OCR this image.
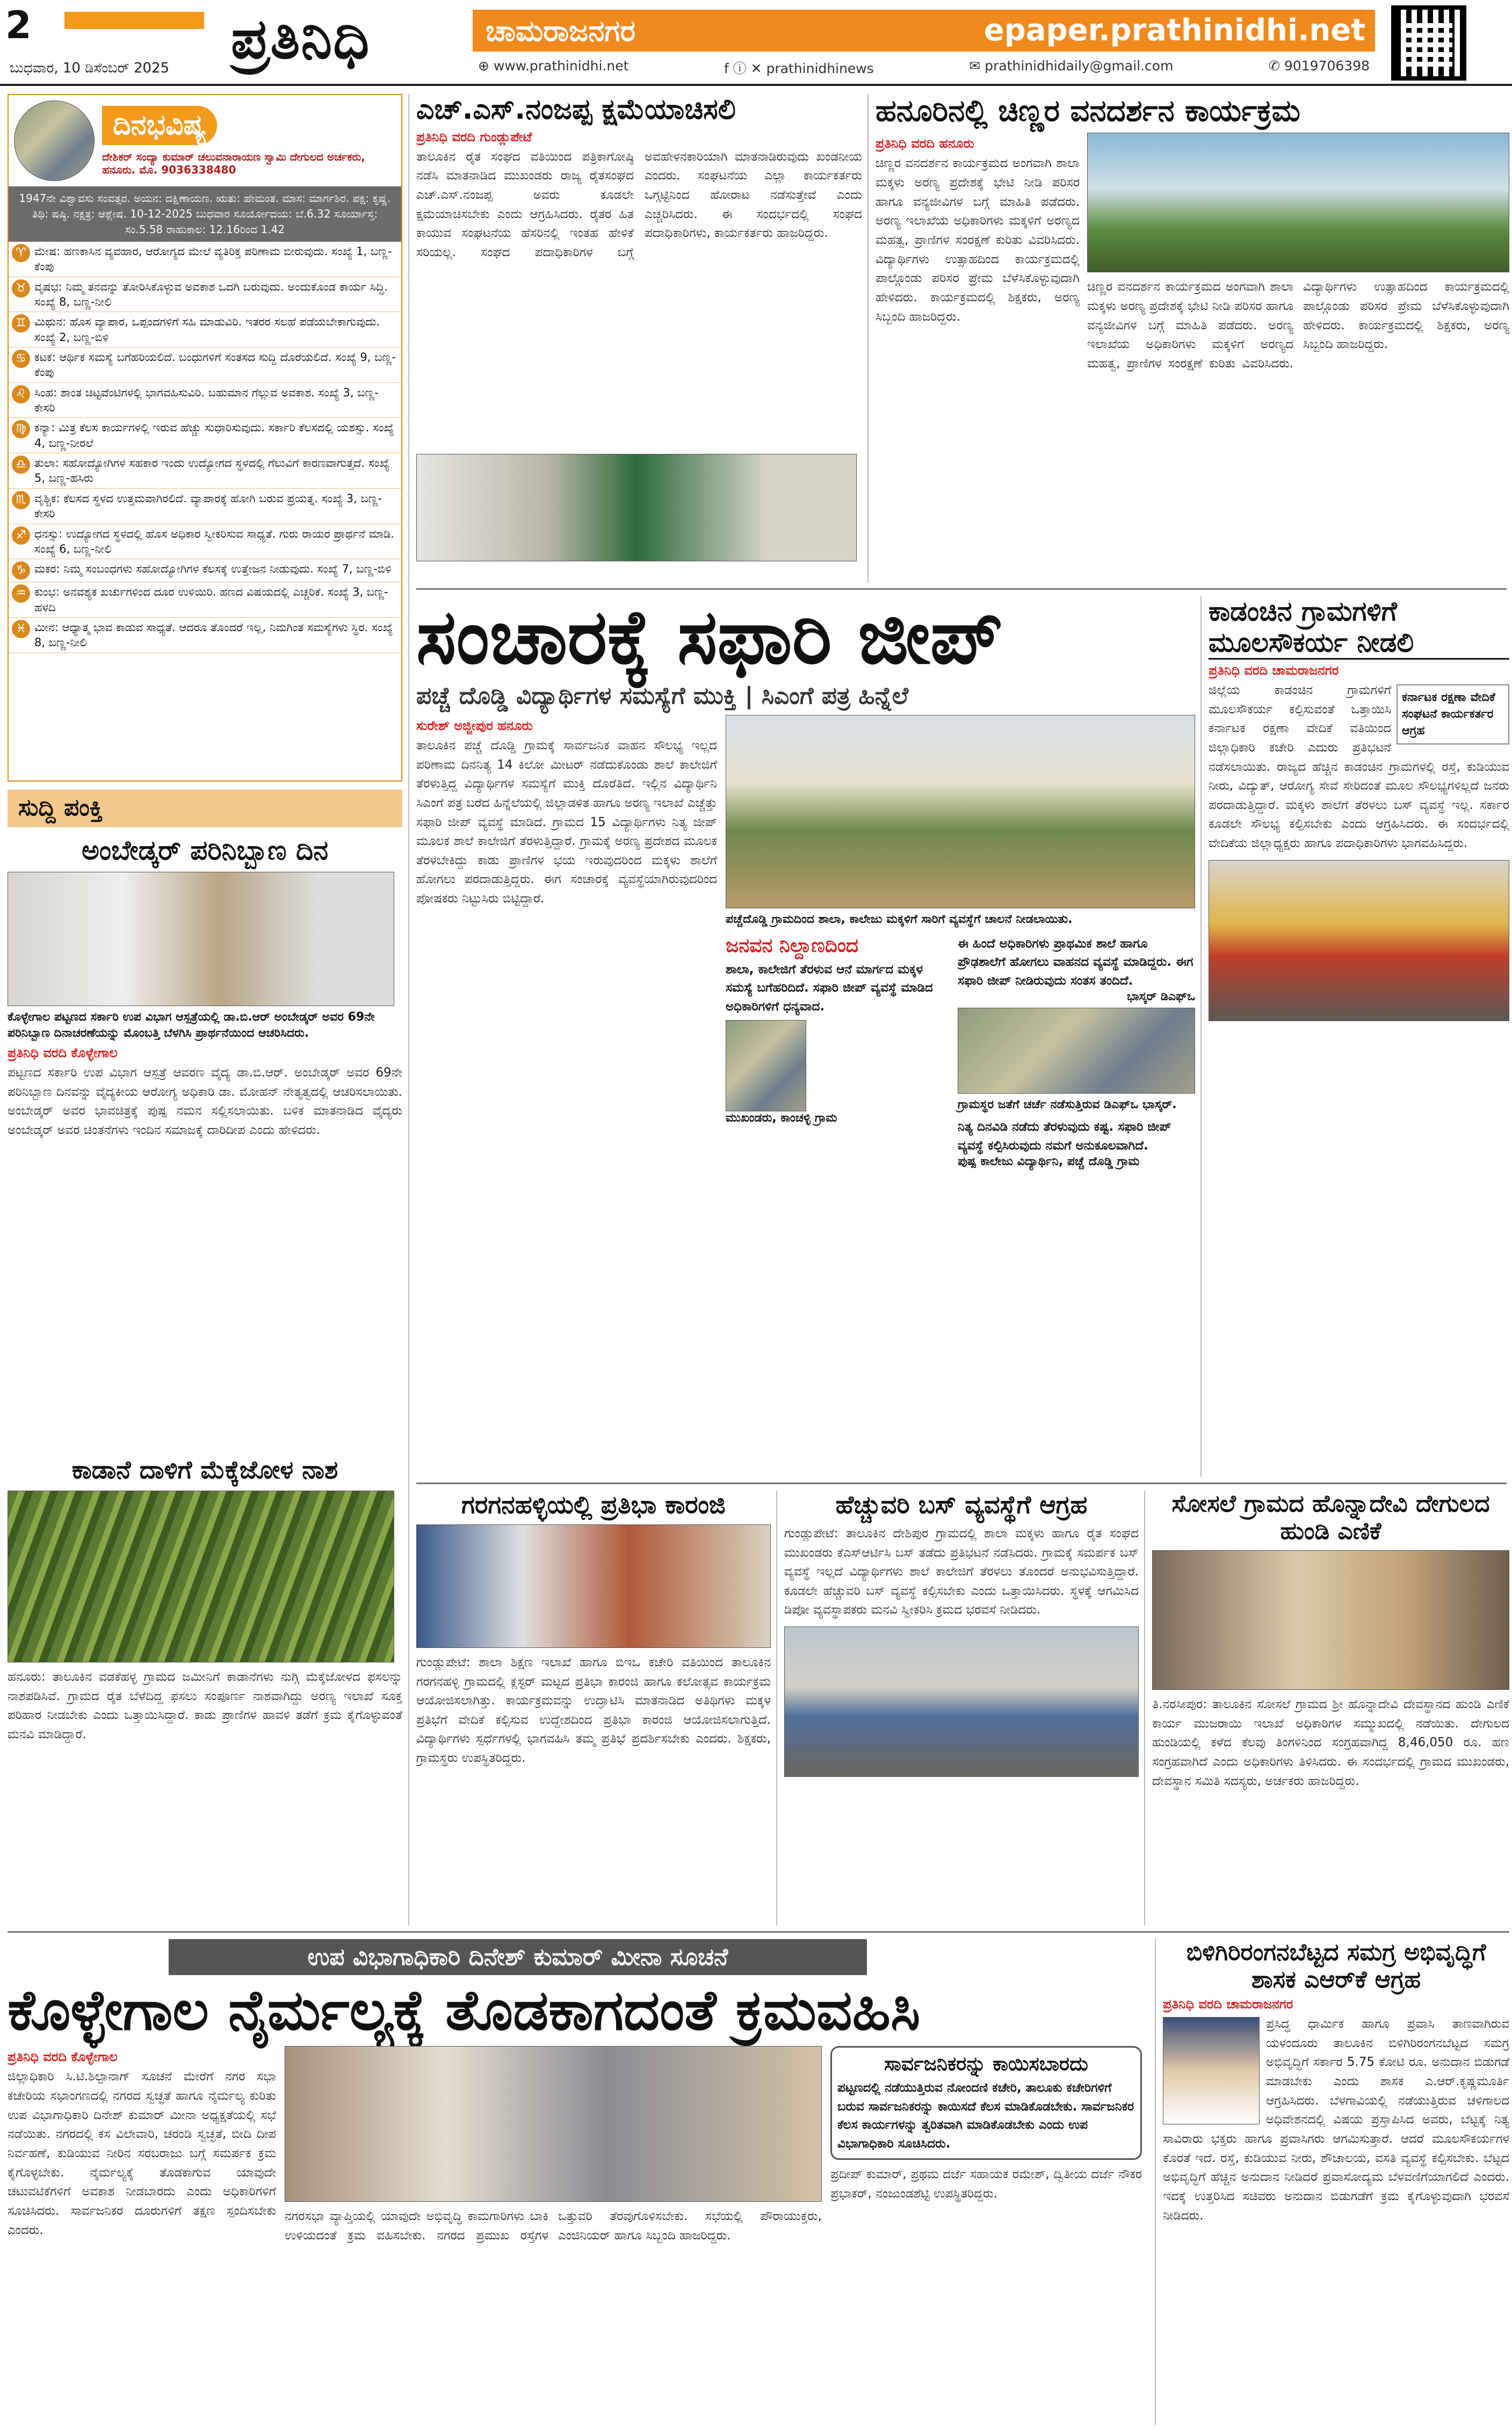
2
ಬುಧವಾರ, 10 ಡಿಸೆಂಬರ್ 2025 ಪ್ರತಿನಿಧಿ	ಚಾಮರಾಜನಗರ	epaper.prathinidhi.net
⊕ www.prathinidhi.net	f ⓘ ✕ prathinidhinews	✉ prathinidhidaily@gmail.com	✆ 9019706398
ದಿನಭವಿಷ್ಯ
ದೇಶಿಕರ್ ಸಂದ್ಯಾ ಕುಮಾರ್ ಚಲುವನಾರಾಯಣ ಸ್ವಾಮಿ ದೇಗುಲದ ಅರ್ಚಕರು, ಹನೂರು. ಮೊ. 9036338480
1947ನೇ ವಿಶ್ವಾವಸು ಸಂವತ್ಸರ. ಅಯನ: ದಕ್ಷಿಣಾಯಣ. ಋತು: ಹೇಮಂತ. ಮಾಸ: ಮಾರ್ಗಶಿರ. ಪಕ್ಷ: ಕೃಷ್ಣ. ತಿಥಿ: ಷಷ್ಠಿ. ನಕ್ಷತ್ರ: ಆಶ್ಲೇಷ. 10-12-2025 ಬುಧವಾರ ಸೂರ್ಯೋದಯ: ಬೆ.6.32 ಸೂರ್ಯಾಸ್ತ: ಸಂ.5.58 ರಾಹುಕಾಲ: 12.16ರಿಂದ 1.42
♈ ಮೇಷ: ಹಣಕಾಸಿನ ವ್ಯವಹಾರ, ಆರೋಗ್ಯದ ಮೇಲೆ ವ್ಯತಿರಿಕ್ತ ಪರಿಣಾಮ ಬೀರುವುದು. ಸಂಖ್ಯೆ 1, ಬಣ್ಣ-ಕೆಂಪು
♉ ವೃಷಭ: ನಿಮ್ಮ ತನವನ್ನು ತೋರಿಸಿಕೊಳ್ಳುವ ಅವಕಾಶ ಒದಗಿ ಬರುವುದು. ಅಂದುಕೊಂಡ ಕಾರ್ಯ ಸಿದ್ಧಿ. ಸಂಖ್ಯೆ 8, ಬಣ್ಣ-ನೀಲಿ
♊ ಮಿಥುನ: ಹೊಸ ವ್ಯಾಪಾರ, ಒಪ್ಪಂದಗಳಿಗೆ ಸಹಿ ಮಾಡುವಿರಿ. ಇತರರ ಸಲಹೆ ಪಡೆಯಬೇಕಾಗುವುದು. ಸಂಖ್ಯೆ 2, ಬಣ್ಣ-ಬಿಳಿ
♋ ಕಟಕ: ಆರ್ಥಿಕ ಸಮಸ್ಯೆ ಬಗೆಹರಿಯಲಿದೆ. ಬಂಧುಗಳಿಗೆ ಸಂತಸದ ಸುದ್ದಿ ದೊರೆಯಲಿದೆ. ಸಂಖ್ಯೆ 9, ಬಣ್ಣ-ಕೆಂಪು
♌ ಸಿಂಹ: ಶಾಂತ ಚಿಟ್ಟವೆಂಟಿಗಳಲ್ಲಿ ಭಾಗವಹಿಸುವಿರಿ. ಬಹುಮಾನ ಗೆಲ್ಲುವ ಅವಕಾಶ. ಸಂಖ್ಯೆ 3, ಬಣ್ಣ-ಕೇಸರಿ
♍ ಕನ್ಯಾ: ಮಿತ್ರ ಕೆಲಸ ಕಾರ್ಯಗಳಲ್ಲಿ ಇರುವ ಹೆಚ್ಚು ಸುಧಾರಿಸುವುದು. ಸರ್ಕಾರಿ ಕೆಲಸದಲ್ಲಿ ಯಶಸ್ಸು. ಸಂಖ್ಯೆ 4, ಬಣ್ಣ-ನೀರಲೆ
♎ ತುಲಾ: ಸಹೋದ್ಯೋಗಿಗಳ ಸಹಕಾರ ಇಂದು ಉದ್ಯೋಗದ ಸ್ಥಳದಲ್ಲಿ ಗೆಲುವಿಗೆ ಕಾರಣವಾಗುತ್ತದೆ. ಸಂಖ್ಯೆ 5, ಬಣ್ಣ-ಹಸಿರು
♏ ವೃಶ್ಚಿಕ: ಕೆಲಸದ ಸ್ಥಳದ ಉತ್ತಮವಾಗಿರಲಿದೆ. ವ್ಯಾಪಾರಕ್ಕೆ ಹೋಗಿ ಬರುವ ಪ್ರಯತ್ನ. ಸಂಖ್ಯೆ 3, ಬಣ್ಣ-ಕೇಸರಿ
♐ ಧನಸ್ಸು: ಉದ್ಯೋಗದ ಸ್ಥಳದಲ್ಲಿ ಹೊಸ ಅಧಿಕಾರ ಸ್ವೀಕರಿಸುವ ಸಾಧ್ಯತೆ. ಗುರು ರಾಯರ ಪ್ರಾರ್ಥನೆ ಮಾಡಿ. ಸಂಖ್ಯೆ 6, ಬಣ್ಣ-ನೀಲಿ
♑ ಮಕರ: ನಿಮ್ಮ ಸಂಬಂಧಗಳು ಸಹೋದ್ಯೋಗಿಗಳ ಕೆಲಸಕ್ಕೆ ಉತ್ತೇಜನ ನೀಡುವುದು. ಸಂಖ್ಯೆ 7, ಬಣ್ಣ-ಬಿಳಿ
♒ ಕುಂಭ: ಅನವಶ್ಯಕ ಖರ್ಚುಗಳಿಂದ ದೂರ ಉಳಿಯಿರಿ. ಹಣದ ವಿಷಯದಲ್ಲಿ ಎಚ್ಚರಿಕೆ. ಸಂಖ್ಯೆ 3, ಬಣ್ಣ-ಹಳದಿ
♓ ಮೀನ: ಆಧ್ಯಾತ್ಮ ಭಾವ ಕಾಡುವ ಸಾಧ್ಯತೆ. ಆದರೂ ತೊಂದರೆ ಇಲ್ಲ, ನಿಮಗಿಂತ ಸಮಸ್ಯೆಗಳು ಸ್ಥಿರ. ಸಂಖ್ಯೆ 8, ಬಣ್ಣ-ನೀಲಿ
ಸುದ್ದಿ ಪಂಕ್ತಿ
ಅಂಬೇಡ್ಕರ್ ಪರಿನಿಬ್ಬಾಣ ದಿನ
ಕೊಳ್ಳೇಗಾಲ ಪಟ್ಟಣದ ಸರ್ಕಾರಿ ಉಪ ವಿಭಾಗ ಆಸ್ಪತ್ರೆಯಲ್ಲಿ ಡಾ.ಬಿ.ಆರ್ ಅಂಬೇಡ್ಕರ್ ಅವರ 69ನೇ ಪರಿನಿಬ್ಬಾಣ ದಿನಾಚರಣೆಯನ್ನು ಮೊಂಬತ್ತಿ ಬೆಳಗಿಸಿ ಪ್ರಾರ್ಥನೆಯಿಂದ ಆಚರಿಸಿದರು.
ಪ್ರತಿನಿಧಿ ವರದಿ ಕೊಳ್ಳೇಗಾಲ
ಪಟ್ಟಣದ ಸರ್ಕಾರಿ ಉಪ ವಿಭಾಗ ಆಸ್ಪತ್ರೆ ಆವರಣ ವೈದ್ಯ ಡಾ.ಬಿ.ಆರ್. ಅಂಬೇಡ್ಕರ್ ಅವರ 69ನೇ ಪರಿನಿಬ್ಬಾಣ ದಿನವನ್ನು ವೈದ್ಯಕೀಯ ಆರೋಗ್ಯ ಅಧಿಕಾರಿ ಡಾ. ಮೋಹನ್ ನೇತೃತ್ವದಲ್ಲಿ ಆಚರಿಸಲಾಯಿತು. ಅಂಬೇಡ್ಕರ್ ಅವರ ಭಾವಚಿತ್ರಕ್ಕೆ ಪುಷ್ಪ ನಮನ ಸಲ್ಲಿಸಲಾಯಿತು. ಬಳಿಕ ಮಾತನಾಡಿದ ವೈದ್ಯರು ಅಂಬೇಡ್ಕರ್ ಅವರ ಚಿಂತನೆಗಳು ಇಂದಿನ ಸಮಾಜಕ್ಕೆ ದಾರಿದೀಪ ಎಂದು ಹೇಳಿದರು.
ಕಾಡಾನೆ ದಾಳಿಗೆ ಮೆಕ್ಕೆಜೋಳ ನಾಶ
ಹನೂರು: ತಾಲೂಕಿನ ವಡಕೆಹಳ್ಳ ಗ್ರಾಮದ ಜಮೀನಿಗೆ ಕಾಡಾನೆಗಳು ನುಗ್ಗಿ ಮೆಕ್ಕೆಜೋಳದ ಫಸಲನ್ನು ನಾಶಪಡಿಸಿವೆ. ಗ್ರಾಮದ ರೈತ ಬೆಳೆದಿದ್ದ ಫಸಲು ಸಂಪೂರ್ಣ ನಾಶವಾಗಿದ್ದು ಅರಣ್ಯ ಇಲಾಖೆ ಸೂಕ್ತ ಪರಿಹಾರ ನೀಡಬೇಕು ಎಂದು ಒತ್ತಾಯಿಸಿದ್ದಾರೆ. ಕಾಡು ಪ್ರಾಣಿಗಳ ಹಾವಳಿ ತಡೆಗೆ ಕ್ರಮ ಕೈಗೊಳ್ಳುವಂತೆ ಮನವಿ ಮಾಡಿದ್ದಾರೆ.
ಎಚ್.ಎಸ್.ನಂಜಪ್ಪ ಕ್ಷಮೆಯಾಚಿಸಲಿ
ಪ್ರತಿನಿಧಿ ವರದಿ ಗುಂಡ್ಲುಪೇಟೆ
ತಾಲೂಕಿನ ರೈತ ಸಂಘದ ವತಿಯಿಂದ ಪತ್ರಿಕಾಗೋಷ್ಠಿ ನಡೆಸಿ ಮಾತನಾಡಿದ ಮುಖಂಡರು ರಾಜ್ಯ ರೈತಸಂಘದ ಎಚ್.ಎಸ್.ನಂಜಪ್ಪ ಅವರು ಕೂಡಲೇ ಕ್ಷಮೆಯಾಚಿಸಬೇಕು ಎಂದು ಆಗ್ರಹಿಸಿದರು. ರೈತರ ಹಿತ ಕಾಯುವ ಸಂಘಟನೆಯ ಹೆಸರಿನಲ್ಲಿ ಇಂತಹ ಹೇಳಿಕೆ ಸರಿಯಲ್ಲ. ಸಂಘದ ಪದಾಧಿಕಾರಿಗಳ ಬಗ್ಗೆ ಅವಹೇಳನಕಾರಿಯಾಗಿ ಮಾತನಾಡಿರುವುದು ಖಂಡನೀಯ ಎಂದರು. ಸಂಘಟನೆಯ ಎಲ್ಲಾ ಕಾರ್ಯಕರ್ತರು ಒಗ್ಗಟ್ಟಿನಿಂದ ಹೋರಾಟ ನಡೆಸುತ್ತೇವೆ ಎಂದು ಎಚ್ಚರಿಸಿದರು. ಈ ಸಂದರ್ಭದಲ್ಲಿ ಸಂಘದ ಪದಾಧಿಕಾರಿಗಳು, ಕಾರ್ಯಕರ್ತರು ಹಾಜರಿದ್ದರು.
ಹನೂರಿನಲ್ಲಿ ಚಿಣ್ಣರ ವನದರ್ಶನ ಕಾರ್ಯಕ್ರಮ
ಪ್ರತಿನಿಧಿ ವರದಿ ಹನೂರು
ಚಿಣ್ಣರ ವನದರ್ಶನ ಕಾರ್ಯಕ್ರಮದ ಅಂಗವಾಗಿ ಶಾಲಾ ಮಕ್ಕಳು ಅರಣ್ಯ ಪ್ರದೇಶಕ್ಕೆ ಭೇಟಿ ನೀಡಿ ಪರಿಸರ ಹಾಗೂ ವನ್ಯಜೀವಿಗಳ ಬಗ್ಗೆ ಮಾಹಿತಿ ಪಡೆದರು. ಅರಣ್ಯ ಇಲಾಖೆಯ ಅಧಿಕಾರಿಗಳು ಮಕ್ಕಳಿಗೆ ಅರಣ್ಯದ ಮಹತ್ವ, ಪ್ರಾಣಿಗಳ ಸಂರಕ್ಷಣೆ ಕುರಿತು ವಿವರಿಸಿದರು. ವಿದ್ಯಾರ್ಥಿಗಳು ಉತ್ಸಾಹದಿಂದ ಕಾರ್ಯಕ್ರಮದಲ್ಲಿ ಪಾಲ್ಗೊಂಡು ಪರಿಸರ ಪ್ರೇಮ ಬೆಳೆಸಿಕೊಳ್ಳುವುದಾಗಿ ಹೇಳಿದರು. ಕಾರ್ಯಕ್ರಮದಲ್ಲಿ ಶಿಕ್ಷಕರು, ಅರಣ್ಯ ಸಿಬ್ಬಂದಿ ಹಾಜರಿದ್ದರು.
ಚಿಣ್ಣರ ವನದರ್ಶನ ಕಾರ್ಯಕ್ರಮದ ಅಂಗವಾಗಿ ಶಾಲಾ ಮಕ್ಕಳು ಅರಣ್ಯ ಪ್ರದೇಶಕ್ಕೆ ಭೇಟಿ ನೀಡಿ ಪರಿಸರ ಹಾಗೂ ವನ್ಯಜೀವಿಗಳ ಬಗ್ಗೆ ಮಾಹಿತಿ ಪಡೆದರು. ಅರಣ್ಯ ಇಲಾಖೆಯ ಅಧಿಕಾರಿಗಳು ಮಕ್ಕಳಿಗೆ ಅರಣ್ಯದ ಮಹತ್ವ, ಪ್ರಾಣಿಗಳ ಸಂರಕ್ಷಣೆ ಕುರಿತು ವಿವರಿಸಿದರು. ವಿದ್ಯಾರ್ಥಿಗಳು ಉತ್ಸಾಹದಿಂದ ಕಾರ್ಯಕ್ರಮದಲ್ಲಿ ಪಾಲ್ಗೊಂಡು ಪರಿಸರ ಪ್ರೇಮ ಬೆಳೆಸಿಕೊಳ್ಳುವುದಾಗಿ ಹೇಳಿದರು. ಕಾರ್ಯಕ್ರಮದಲ್ಲಿ ಶಿಕ್ಷಕರು, ಅರಣ್ಯ ಸಿಬ್ಬಂದಿ ಹಾಜರಿದ್ದರು.
ಸಂಚಾರಕ್ಕೆ ಸಫಾರಿ ಜೀಪ್
ಪಚ್ಚೆ ದೊಡ್ಡಿ ವಿದ್ಯಾರ್ಥಿಗಳ ಸಮಸ್ಯೆಗೆ ಮುಕ್ತಿ | ಸಿಎಂಗೆ ಪತ್ರ ಹಿನ್ನೆಲೆ
ಸುರೇಶ್ ಅಜ್ಜೀಪುರ ಹನೂರು
ತಾಲೂಕಿನ ಪಚ್ಚೆ ದೊಡ್ಡಿ ಗ್ರಾಮಕ್ಕೆ ಸಾರ್ವಜನಿಕ ವಾಹನ ಸೌಲಭ್ಯ ಇಲ್ಲದ ಪರಿಣಾಮ ದಿನನಿತ್ಯ 14 ಕಿಲೋ ಮೀಟರ್ ನಡೆದುಕೊಂಡು ಶಾಲೆ ಕಾಲೇಜಿಗೆ ತೆರಳುತ್ತಿದ್ದ ವಿದ್ಯಾರ್ಥಿಗಳ ಸಮಸ್ಯೆಗೆ ಮುಕ್ತಿ ದೊರೆತಿದೆ. ಇಲ್ಲಿನ ವಿದ್ಯಾರ್ಥಿನಿ ಸಿಎಂಗೆ ಪತ್ರ ಬರೆದ ಹಿನ್ನೆಲೆಯಲ್ಲಿ ಜಿಲ್ಲಾಡಳಿತ ಹಾಗೂ ಅರಣ್ಯ ಇಲಾಖೆ ಎಚ್ಚೆತ್ತು ಸಫಾರಿ ಜೀಪ್ ವ್ಯವಸ್ಥೆ ಮಾಡಿದೆ. ಗ್ರಾಮದ 15 ವಿದ್ಯಾರ್ಥಿಗಳು ನಿತ್ಯ ಜೀಪ್ ಮೂಲಕ ಶಾಲೆ ಕಾಲೇಜಿಗೆ ತೆರಳುತ್ತಿದ್ದಾರೆ. ಗ್ರಾಮಕ್ಕೆ ಅರಣ್ಯ ಪ್ರದೇಶದ ಮೂಲಕ ತೆರಳಬೇಕಿದ್ದು ಕಾಡು ಪ್ರಾಣಿಗಳ ಭಯ ಇರುವುದರಿಂದ ಮಕ್ಕಳು ಶಾಲೆಗೆ ಹೋಗಲು ಪರದಾಡುತ್ತಿದ್ದರು. ಈಗ ಸಂಚಾರಕ್ಕೆ ವ್ಯವಸ್ಥೆಯಾಗಿರುವುದರಿಂದ ಪೋಷಕರು ನಿಟ್ಟುಸಿರು ಬಿಟ್ಟಿದ್ದಾರೆ.
ಪಚ್ಚೆದೊಡ್ಡಿ ಗ್ರಾಮದಿಂದ ಶಾಲಾ, ಕಾಲೇಜು ಮಕ್ಕಳಿಗೆ ಸಾರಿಗೆ ವ್ಯವಸ್ಥೆಗೆ ಚಾಲನೆ ನೀಡಲಾಯಿತು.
ಜನವನ ನಿಲ್ದಾಣದಿಂದ
ಶಾಲಾ, ಕಾಲೇಜಿಗೆ ತೆರಳುವ ಆನೆ ಮಾರ್ಗದ ಮಕ್ಕಳ ಸಮಸ್ಯೆ ಬಗೆಹರಿದಿದೆ. ಸಫಾರಿ ಜೀಪ್ ವ್ಯವಸ್ಥೆ ಮಾಡಿದ ಅಧಿಕಾರಿಗಳಿಗೆ ಧನ್ಯವಾದ.
ಮುಖಂಡರು, ಕಾಂಚಳ್ಳಿ ಗ್ರಾಮ
ಈ ಹಿಂದೆ ಅಧಿಕಾರಿಗಳು ಪ್ರಾಥಮಿಕ ಶಾಲೆ ಹಾಗೂ ಪ್ರೌಢಶಾಲೆಗೆ ಹೋಗಲು ವಾಹನದ ವ್ಯವಸ್ಥೆ ಮಾಡಿದ್ದರು. ಈಗ ಸಫಾರಿ ಜೀಪ್ ನೀಡಿರುವುದು ಸಂತಸ ತಂದಿದೆ.
ಭಾಸ್ಕರ್ ಡಿಎಫ್ಒ
ಗ್ರಾಮಸ್ಥರ ಜತೆಗೆ ಚರ್ಚೆ ನಡೆಸುತ್ತಿರುವ ಡಿಎಫ್ಒ ಭಾಸ್ಕರ್.
ನಿತ್ಯ ದಿನವಿಡಿ ನಡೆದು ತೆರಳುವುದು ಕಷ್ಟ. ಸಫಾರಿ ಜೀಪ್ ವ್ಯವಸ್ಥೆ ಕಲ್ಪಿಸಿರುವುದು ನಮಗೆ ಅನುಕೂಲವಾಗಿದೆ.
ಪುಷ್ಪ ಕಾಲೇಜು ವಿದ್ಯಾರ್ಥಿನಿ, ಪಚ್ಚೆ ದೊಡ್ಡಿ ಗ್ರಾಮ
ಕಾಡಂಚಿನ ಗ್ರಾಮಗಳಿಗೆ ಮೂಲಸೌಕರ್ಯ ನೀಡಲಿ
ಪ್ರತಿನಿಧಿ ವರದಿ ಚಾಮರಾಜನಗರ
ಕರ್ನಾಟಕ ರಕ್ಷಣಾ ವೇದಿಕೆ ಸಂಘಟನೆ ಕಾರ್ಯಕರ್ತರ ಆಗ್ರಹ
ಜಿಲ್ಲೆಯ ಕಾಡಂಚಿನ ಗ್ರಾಮಗಳಿಗೆ ಮೂಲಸೌಕರ್ಯ ಕಲ್ಪಿಸುವಂತೆ ಒತ್ತಾಯಿಸಿ ಕರ್ನಾಟಕ ರಕ್ಷಣಾ ವೇದಿಕೆ ವತಿಯಿಂದ ಜಿಲ್ಲಾಧಿಕಾರಿ ಕಚೇರಿ ಎದುರು ಪ್ರತಿಭಟನೆ ನಡೆಸಲಾಯಿತು. ರಾಜ್ಯದ ಹೆಚ್ಚಿನ ಕಾಡಂಚಿನ ಗ್ರಾಮಗಳಲ್ಲಿ ರಸ್ತೆ, ಕುಡಿಯುವ ನೀರು, ವಿದ್ಯುತ್, ಆರೋಗ್ಯ ಸೇವೆ ಸೇರಿದಂತೆ ಮೂಲ ಸೌಲಭ್ಯಗಳಿಲ್ಲದೆ ಜನರು ಪರದಾಡುತ್ತಿದ್ದಾರೆ. ಮಕ್ಕಳು ಶಾಲೆಗೆ ತೆರಳಲು ಬಸ್ ವ್ಯವಸ್ಥೆ ಇಲ್ಲ. ಸರ್ಕಾರ ಕೂಡಲೇ ಸೌಲಭ್ಯ ಕಲ್ಪಿಸಬೇಕು ಎಂದು ಆಗ್ರಹಿಸಿದರು. ಈ ಸಂದರ್ಭದಲ್ಲಿ ವೇದಿಕೆಯ ಜಿಲ್ಲಾಧ್ಯಕ್ಷರು ಹಾಗೂ ಪದಾಧಿಕಾರಿಗಳು ಭಾಗವಹಿಸಿದ್ದರು.
ಗರಗನಹಳ್ಳಿಯಲ್ಲಿ ಪ್ರತಿಭಾ ಕಾರಂಜಿ
ಗುಂಡ್ಲುಪೇಟೆ: ಶಾಲಾ ಶಿಕ್ಷಣ ಇಲಾಖೆ ಹಾಗೂ ಬಿಇಒ ಕಚೇರಿ ವತಿಯಿಂದ ತಾಲೂಕಿನ ಗರಗನಹಳ್ಳಿ ಗ್ರಾಮದಲ್ಲಿ ಕ್ಲಸ್ಟರ್ ಮಟ್ಟದ ಪ್ರತಿಭಾ ಕಾರಂಜಿ ಹಾಗೂ ಕಲೋತ್ಸವ ಕಾರ್ಯಕ್ರಮ ಆಯೋಜಿಸಲಾಗಿತ್ತು. ಕಾರ್ಯಕ್ರಮವನ್ನು ಉದ್ಘಾಟಿಸಿ ಮಾತನಾಡಿದ ಅತಿಥಿಗಳು ಮಕ್ಕಳ ಪ್ರತಿಭೆಗೆ ವೇದಿಕೆ ಕಲ್ಪಿಸುವ ಉದ್ದೇಶದಿಂದ ಪ್ರತಿಭಾ ಕಾರಂಜಿ ಆಯೋಜಿಸಲಾಗುತ್ತಿದೆ. ವಿದ್ಯಾರ್ಥಿಗಳು ಸ್ಪರ್ಧೆಗಳಲ್ಲಿ ಭಾಗವಹಿಸಿ ತಮ್ಮ ಪ್ರತಿಭೆ ಪ್ರದರ್ಶಿಸಬೇಕು ಎಂದರು. ಶಿಕ್ಷಕರು, ಗ್ರಾಮಸ್ಥರು ಉಪಸ್ಥಿತರಿದ್ದರು.
ಹೆಚ್ಚುವರಿ ಬಸ್ ವ್ಯವಸ್ಥೆಗೆ ಆಗ್ರಹ
ಗುಂಡ್ಲುಪೇಟೆ: ತಾಲೂಕಿನ ದೇಶಿಪುರ ಗ್ರಾಮದಲ್ಲಿ ಶಾಲಾ ಮಕ್ಕಳು ಹಾಗೂ ರೈತ ಸಂಘದ ಮುಖಂಡರು ಕೆಎಸ್ಆರ್ಟಿಸಿ ಬಸ್ ತಡೆದು ಪ್ರತಿಭಟನೆ ನಡೆಸಿದರು. ಗ್ರಾಮಕ್ಕೆ ಸಮರ್ಪಕ ಬಸ್ ವ್ಯವಸ್ಥೆ ಇಲ್ಲದೆ ವಿದ್ಯಾರ್ಥಿಗಳು ಶಾಲೆ ಕಾಲೇಜಿಗೆ ತೆರಳಲು ತೊಂದರೆ ಅನುಭವಿಸುತ್ತಿದ್ದಾರೆ. ಕೂಡಲೇ ಹೆಚ್ಚುವರಿ ಬಸ್ ವ್ಯವಸ್ಥೆ ಕಲ್ಪಿಸಬೇಕು ಎಂದು ಒತ್ತಾಯಿಸಿದರು. ಸ್ಥಳಕ್ಕೆ ಆಗಮಿಸಿದ ಡಿಪೋ ವ್ಯವಸ್ಥಾಪಕರು ಮನವಿ ಸ್ವೀಕರಿಸಿ ಕ್ರಮದ ಭರವಸೆ ನೀಡಿದರು.
ಸೋಸಲೆ ಗ್ರಾಮದ ಹೊನ್ನಾದೇವಿ ದೇಗುಲದ ಹುಂಡಿ ಎಣಿಕೆ
ತಿ.ನರಸೀಪುರ: ತಾಲೂಕಿನ ಸೋಸಲೆ ಗ್ರಾಮದ ಶ್ರೀ ಹೊನ್ನಾದೇವಿ ದೇವಸ್ಥಾನದ ಹುಂಡಿ ಎಣಿಕೆ ಕಾರ್ಯ ಮುಜರಾಯಿ ಇಲಾಖೆ ಅಧಿಕಾರಿಗಳ ಸಮ್ಮುಖದಲ್ಲಿ ನಡೆಯಿತು. ದೇಗುಲದ ಹುಂಡಿಯಲ್ಲಿ ಕಳೆದ ಕೆಲವು ತಿಂಗಳಿನಿಂದ ಸಂಗ್ರಹವಾಗಿದ್ದ 8,46,050 ರೂ. ಹಣ ಸಂಗ್ರಹವಾಗಿದೆ ಎಂದು ಅಧಿಕಾರಿಗಳು ತಿಳಿಸಿದರು. ಈ ಸಂದರ್ಭದಲ್ಲಿ ಗ್ರಾಮದ ಮುಖಂಡರು, ದೇವಸ್ಥಾನ ಸಮಿತಿ ಸದಸ್ಯರು, ಅರ್ಚಕರು ಹಾಜರಿದ್ದರು.
ಉಪ ವಿಭಾಗಾಧಿಕಾರಿ ದಿನೇಶ್ ಕುಮಾರ್ ಮೀನಾ ಸೂಚನೆ
ಕೊಳ್ಳೇಗಾಲ ನೈರ್ಮಲ್ಯಕ್ಕೆ ತೊಡಕಾಗದಂತೆ ಕ್ರಮವಹಿಸಿ
ಪ್ರತಿನಿಧಿ ವರದಿ ಕೊಳ್ಳೇಗಾಲ
ಜಿಲ್ಲಾಧಿಕಾರಿ ಸಿ.ಟಿ.ಶಿಲ್ಪಾನಾಗ್ ಸೂಚನೆ ಮೇರೆಗೆ ನಗರ ಸಭಾ ಕಚೇರಿಯ ಸಭಾಂಗಣದಲ್ಲಿ ನಗರದ ಸ್ವಚ್ಛತೆ ಹಾಗೂ ನೈರ್ಮಲ್ಯ ಕುರಿತು ಉಪ ವಿಭಾಗಾಧಿಕಾರಿ ದಿನೇಶ್ ಕುಮಾರ್ ಮೀನಾ ಅಧ್ಯಕ್ಷತೆಯಲ್ಲಿ ಸಭೆ ನಡೆಯಿತು. ನಗರದಲ್ಲಿ ಕಸ ವಿಲೇವಾರಿ, ಚರಂಡಿ ಸ್ವಚ್ಛತೆ, ಬೀದಿ ದೀಪ ನಿರ್ವಹಣೆ, ಕುಡಿಯುವ ನೀರಿನ ಸರಬರಾಜು ಬಗ್ಗೆ ಸಮರ್ಪಕ ಕ್ರಮ ಕೈಗೊಳ್ಳಬೇಕು. ನೈರ್ಮಲ್ಯಕ್ಕೆ ತೊಡಕಾಗುವ ಯಾವುದೇ ಚಟುವಟಿಕೆಗಳಿಗೆ ಅವಕಾಶ ನೀಡಬಾರದು ಎಂದು ಅಧಿಕಾರಿಗಳಿಗೆ ಸೂಚಿಸಿದರು. ಸಾರ್ವಜನಿಕರ ದೂರುಗಳಿಗೆ ತಕ್ಷಣ ಸ್ಪಂದಿಸಬೇಕು ಎಂದರು.
ನಗರಸಭಾ ವ್ಯಾಪ್ತಿಯಲ್ಲಿ ಯಾವುದೇ ಅಭಿವೃದ್ಧಿ ಕಾಮಗಾರಿಗಳು ಬಾಕಿ ಉಳಿಯದಂತೆ ಕ್ರಮ ವಹಿಸಬೇಕು. ನಗರದ ಪ್ರಮುಖ ರಸ್ತೆಗಳ ಒತ್ತುವರಿ ತೆರವುಗೊಳಿಸಬೇಕು. ಸಭೆಯಲ್ಲಿ ಪೌರಾಯುಕ್ತರು, ಎಂಜಿನಿಯರ್ ಹಾಗೂ ಸಿಬ್ಬಂದಿ ಹಾಜರಿದ್ದರು.
ಸಾರ್ವಜನಿಕರನ್ನು ಕಾಯಿಸಬಾರದು
ಪಟ್ಟಣದಲ್ಲಿ ನಡೆಯುತ್ತಿರುವ ನೋಂದಣಿ ಕಚೇರಿ, ತಾಲೂಕು ಕಚೇರಿಗಳಿಗೆ ಬರುವ ಸಾರ್ವಜನಿಕರನ್ನು ಕಾಯಿಸದೆ ಕೆಲಸ ಮಾಡಿಕೊಡಬೇಕು. ಸಾರ್ವಜನಿಕರ ಕೆಲಸ ಕಾರ್ಯಗಳನ್ನು ತ್ವರಿತವಾಗಿ ಮಾಡಿಕೊಡಬೇಕು ಎಂದು ಉಪ ವಿಭಾಗಾಧಿಕಾರಿ ಸೂಚಿಸಿದರು.
ಪ್ರದೀಪ್ ಕುಮಾರ್, ಪ್ರಥಮ ದರ್ಜೆ ಸಹಾಯಕ ರಮೇಶ್, ದ್ವಿತೀಯ ದರ್ಜೆ ನೌಕರ ಪ್ರಭಾಕರ್, ನಂಜುಂಡಶೆಟ್ಟಿ ಉಪಸ್ಥಿತರಿದ್ದರು.
ಬಿಳಿಗಿರಿರಂಗನಬೆಟ್ಟದ ಸಮಗ್ರ ಅಭಿವೃದ್ಧಿಗೆ ಶಾಸಕ ಎಆರ್‌ಕೆ ಆಗ್ರಹ
ಪ್ರತಿನಿಧಿ ವರದಿ ಚಾಮರಾಜನಗರ
ಪ್ರಸಿದ್ಧ ಧಾರ್ಮಿಕ ಹಾಗೂ ಪ್ರವಾಸಿ ತಾಣವಾಗಿರುವ ಯಳಂದೂರು ತಾಲೂಕಿನ ಬಿಳಿಗಿರಿರಂಗನಬೆಟ್ಟದ ಸಮಗ್ರ ಅಭಿವೃದ್ಧಿಗೆ ಸರ್ಕಾರ 5.75 ಕೋಟಿ ರೂ. ಅನುದಾನ ಬಿಡುಗಡೆ ಮಾಡಬೇಕು ಎಂದು ಶಾಸಕ ಎ.ಆರ್.ಕೃಷ್ಣಮೂರ್ತಿ ಆಗ್ರಹಿಸಿದರು. ಬೆಳಗಾವಿಯಲ್ಲಿ ನಡೆಯುತ್ತಿರುವ ಚಳಿಗಾಲದ ಅಧಿವೇಶನದಲ್ಲಿ ವಿಷಯ ಪ್ರಸ್ತಾಪಿಸಿದ ಅವರು, ಬೆಟ್ಟಕ್ಕೆ ನಿತ್ಯ ಸಾವಿರಾರು ಭಕ್ತರು ಹಾಗೂ ಪ್ರವಾಸಿಗರು ಆಗಮಿಸುತ್ತಾರೆ. ಆದರೆ ಮೂಲಸೌಕರ್ಯಗಳ ಕೊರತೆ ಇದೆ. ರಸ್ತೆ, ಕುಡಿಯುವ ನೀರು, ಶೌಚಾಲಯ, ವಸತಿ ವ್ಯವಸ್ಥೆ ಕಲ್ಪಿಸಬೇಕು. ಬೆಟ್ಟದ ಅಭಿವೃದ್ಧಿಗೆ ಹೆಚ್ಚಿನ ಅನುದಾನ ನೀಡಿದರೆ ಪ್ರವಾಸೋದ್ಯಮ ಬೆಳವಣಿಗೆಯಾಗಲಿದೆ ಎಂದರು. ಇದಕ್ಕೆ ಉತ್ತರಿಸಿದ ಸಚಿವರು ಅನುದಾನ ಬಿಡುಗಡೆಗೆ ಕ್ರಮ ಕೈಗೊಳ್ಳುವುದಾಗಿ ಭರವಸೆ ನೀಡಿದರು.
